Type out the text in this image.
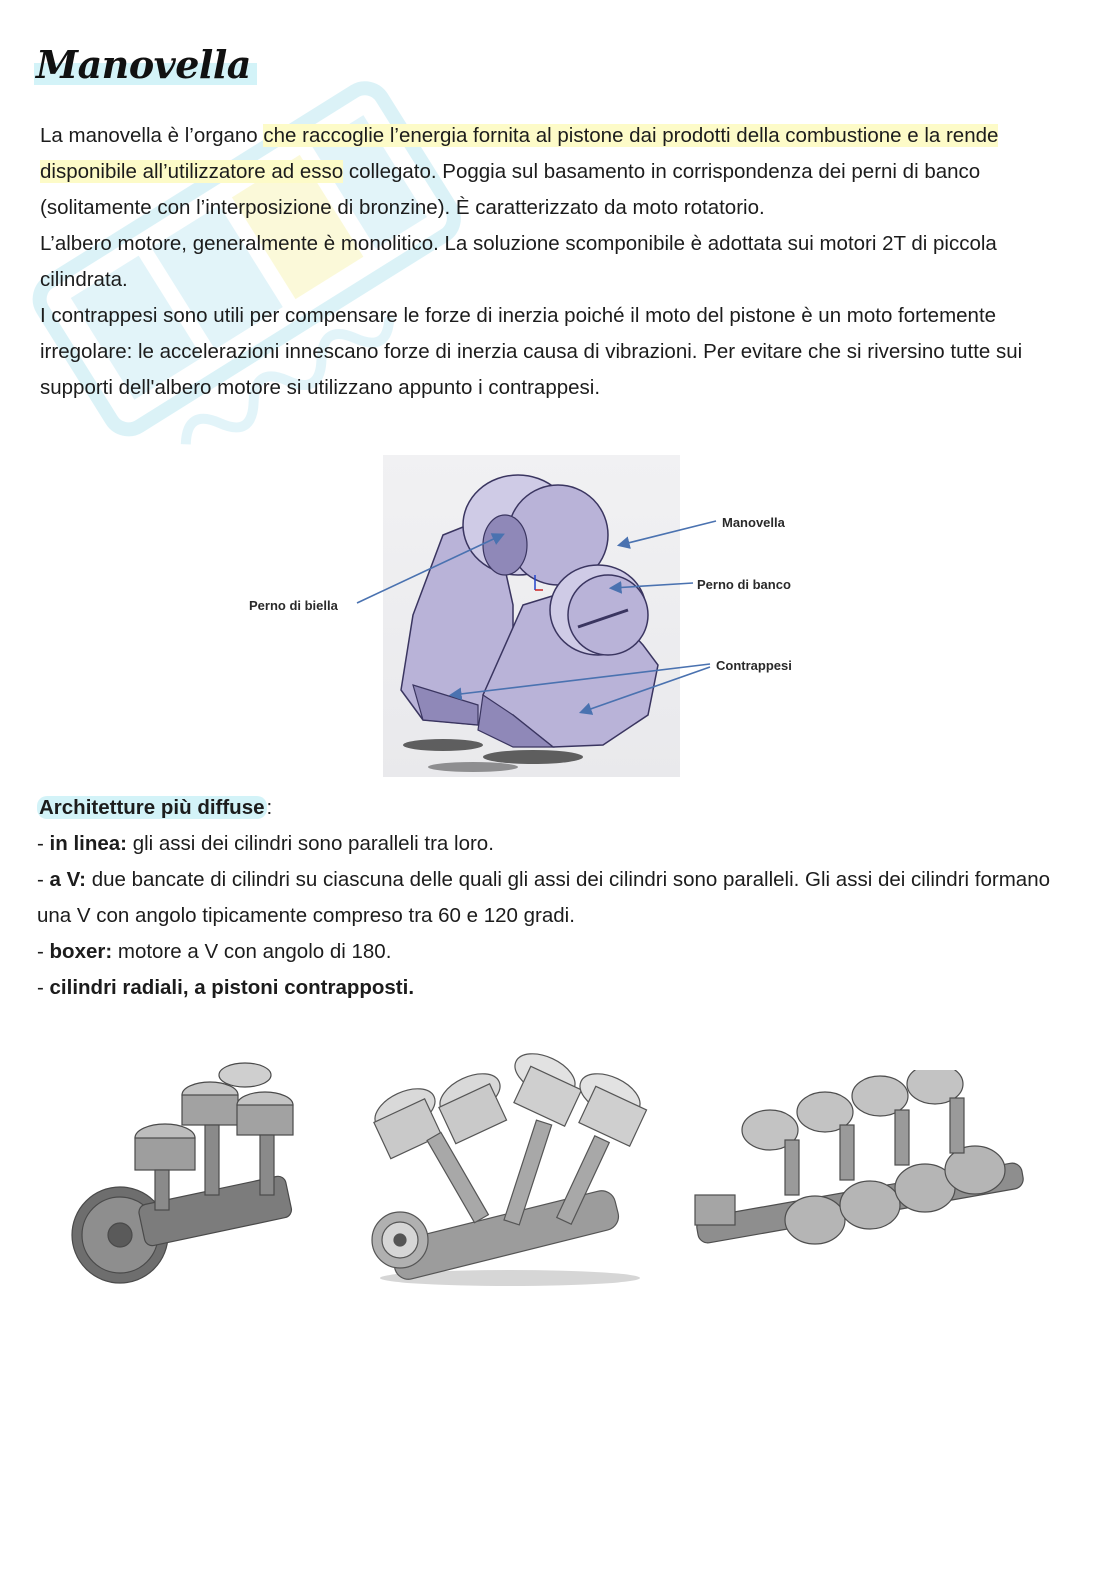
Manovella

La manovella è l’organo che raccoglie l’energia fornita al pistone dai prodotti della combustione e la rende disponibile all’utilizzatore ad esso collegato. Poggia sul basamento in corrispondenza dei perni di banco (solitamente con l’interposizione di bronzine). È caratterizzato da moto rotatorio.

L’albero motore, generalmente è monolitico. La soluzione scomponibile è adottata sui motori 2T di piccola cilindrata.

I contrappesi sono utili per compensare le forze di inerzia poiché il moto del pistone è un moto fortemente irregolare: le accelerazioni innescano forze di inerzia causa di vibrazioni. Per evitare che si riversino tutte sui supporti dell'albero motore si utilizzano appunto i contrappesi.

Manovella
Perno di banco
Perno di biella
Contrappesi

Architetture più diffuse:

- in linea: gli assi dei cilindri sono paralleli tra loro.
- a V: due bancate di cilindri su ciascuna delle quali gli assi dei cilindri sono paralleli. Gli assi dei cilindri formano una V con angolo tipicamente compreso tra 60 e 120 gradi.
- boxer: motore a V con angolo di 180.
- cilindri radiali, a pistoni contrapposti.
